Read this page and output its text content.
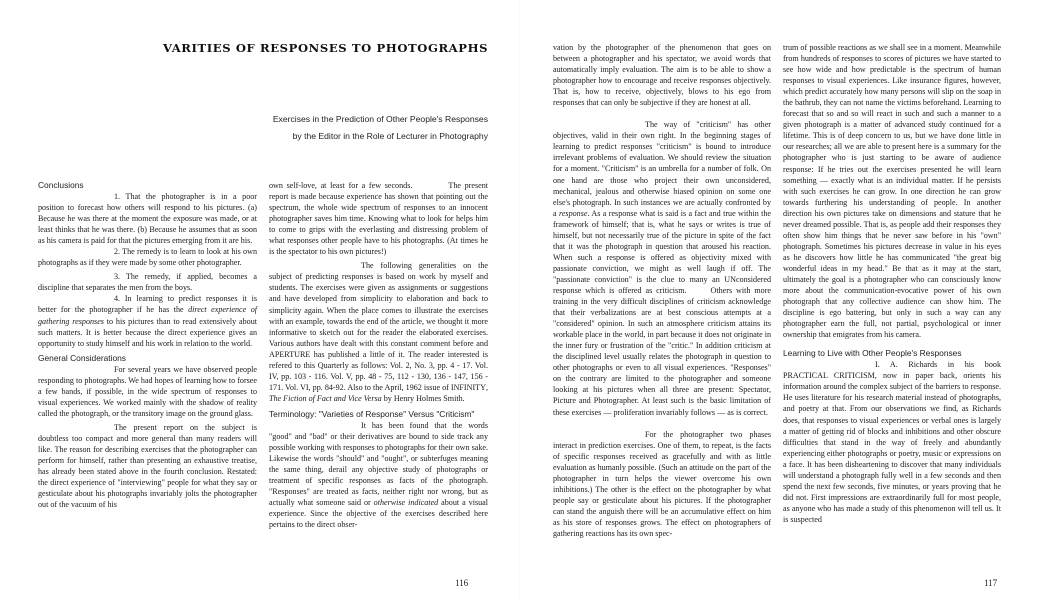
VARITIES OF RESPONSES TO PHOTOGRAPHS
Exercises in the Prediction of Other People's Responses
by the Editor in the Role of Lecturer in Photography

Conclusions

1. That the photographer is in a poor position to forecast how others will respond to his pictures. (a) Because he was there at the moment the exposure was made, or at least thinks that he was there. (b) Because he assumes that as soon as his camera is paid for that the pictures emerging from it are his.

2. The remedy is to learn to look at his own photographs as if they were made by some other photographer.

3. The remedy, if applied, becomes a discipline that separates the men from the boys.

4. In learning to predict responses it is better for the photographer if he has the direct experience of gathering responses to his pictures than to read extensively about such matters. It is better because the direct experience gives an opportunity to study himself and his work in relation to the world.

General Considerations

For several years we have observed people responding to photographs. We had hopes of learning how to forsee a few bands, if possible, in the wide spectrum of responses to visual experiences. We worked mainly with the shadow of reality called the photograph, or the transitory image on the ground glass.

The present report on the subject is doubtless too compact and more general than many readers will like. The reason for describing exercises that the photographer can perform for himself, rather than presenting an exhaustive treatise, has already been stated above in the fourth conclusion. Restated: the direct experience of "interviewing" people for what they say or gesticulate about his photographs invariably jolts the photographer out of the vacuum of his

own self-love, at least for a few seconds.	The present report is made because experience has shown that pointing out the spectrum, the whole wide spectrum of responses to an innocent photographer saves him time. Knowing what to look for helps him to come to grips with the everlasting and distressing problem of what responses other people have to his photographs. (At times he is the spectator to his own pictures!)

The following generalities on the subject of predicting responses is based on work by myself and students. The exercises were given as assignments or suggestions and have developed from simplicity to elaboration and back to simplicity again. When the place comes to illustrate the exercises with an example, towards the end of the article, we thought it more informative to sketch out for the reader the elaborated exercises. Various authors have dealt with this constant comment before and APERTURE has published a little of it. The reader interested is refered to this Quarterly as follows: Vol. 2, No. 3, pp. 4 - 17. Vol. IV, pp. 103 - 116. Vol. V, pp. 48 - 75, 112 - 130, 136 - 147, 156 - 171. Vol. VI, pp. 84-92. Also to the April, 1962 issue of INFINITY, The Fiction of Fact and Vice Versa by Henry Holmes Smith.

Terminology: "Varieties of Response" Versus "Criticism"

It has been found that the words "good" and "bad" or their derivatives are bound to side track any possible working with responses to photographs for their own sake. Likewise the words "should" and "ought", or subterfuges meaning the same thing, derail any objective study of photographs or treatment of specific responses as facts of the photograph. "Responses" are treated as facts, neither right nor wrong, but as actually what someone said or otherwise indicated about a visual experience. Since the objective of the exercises described here pertains to the direct obser-

vation by the photographer of the phenomenon that goes on between a photographer and his spectator, we avoid words that automatically imply evaluation. The aim is to be able to show a photographer how to encourage and receive responses objectively. That is, how to receive, objectively, blows to his ego from responses that can only be subjective if they are honest at all.

The way of "criticism" has other objectives, valid in their own right. In the beginning stages of learning to predict responses "criticism" is bound to introduce irrelevant problems of evaluation. We should review the situation for a moment. "Criticism" is an umbrella for a number of folk. On one hand are those who project their own unconsidered, mechanical, jealous and otherwise biased opinion on some one else's photograph. In such instances we are actually confronted by a response. As a response what is said is a fact and true within the framework of himself; that is, what he says or writes is true of himself, but not necessarily true of the picture in spite of the fact that it was the photograph in question that aroused his reaction. When such a response is offered as objectivity mixed with passionate conviction, we might as well laugh if off. The "passionate conviction" is the clue to many an UNconsidered response which is offered as criticism.	Others with more training in the very difficult disciplines of criticism acknowledge that their verbalizations are at best conscious attempts at a "considered" opinion. In such an atmosphere criticism attains its workable place in the world, in part because it does not originate in the inner fury or frustration of the "critic." In addition criticism at the disciplined level usually relates the photograph in question to other photographs or even to all visual experiences. "Responses" on the contrary are limited to the photographer and someone looking at his pictures when all three are present: Spectator, Picture and Photographer. At least such is the basic limitation of these exercises — proliferation invariably follows — as is correct.

For the photographer two phases interact in prediction exercises. One of them, to repeat, is the facts of specific responses received as gracefully and with as little evaluation as humanly possible. (Such an attitude on the part of the photographer in turn helps the viewer overcome his own inhibitions.) The other is the effect on the photographer by what people say or gesticulate about his pictures. If the photographer can stand the anguish there will be an accumulative effect on him as his store of responses grows. The effect on photographers of gathering reactions has its own spec-

trum of possible reactions as we shall see in a moment. Meanwhile from hundreds of responses to scores of pictures we have started to see how wide and how predictable is the spectrum of human responses to visual experiences. Like insurance figures, however, which predict accurately how many persons will slip on the soap in the bathrub, they can not name the victims beforehand. Learning to forecast that so and so will react in such and such a manner to a given photograph is a matter of advanced study continued for a lifetime. This is of deep concern to us, but we have done little in our researches; all we are able to present here is a summary for the photographer who is just starting to be aware of audience response: If he tries out the exercises presented he will learn something — exactly what is an individual matter. If he persists with such exercises he can grow. In one direction he can grow towards furthering his understanding of people. In another direction his own pictures take on dimensions and stature that he never dreamed possible. That is, as people add their responses they often show him things that he never saw before in his "own" photograph. Sometimes his pictures decrease in value in his eyes as he discovers how little he has communicated "the great big wonderful ideas in my head." Be that as it may at the start, ultimately the goal is a photographer who can consciously know more about the communication-evocative power of his own photograph that any collective audience can show him. The discipline is ego battering, but only in such a way can any photographer earn the full, not partial, psychological or inner ownership that emigrates from his camera.

Learning to Live with Other People's Responses

I. A. Richards in his book PRACTICAL CRITICISM, now in paper back, orients his information around the complex subject of the barriers to response. He uses literature for his research material instead of photographs, and poetry at that. From our observations we find, as Richards does, that responses to visual experiences or verbal ones is largely a matter of getting rid of blocks and inhibitions and other obscure difficulties that stand in the way of freely and abundantly experiencing either photographs or poetry, music or expressions on a face. It has been disheartening to discover that many individuals will understand a photograph fully well in a few seconds and then spend the next few seconds, five minutes, or years proving that he did not. First impressions are extraordinarily full for most people, as anyone who has made a study of this phenomenon will tell us. It is suspected

116	117
